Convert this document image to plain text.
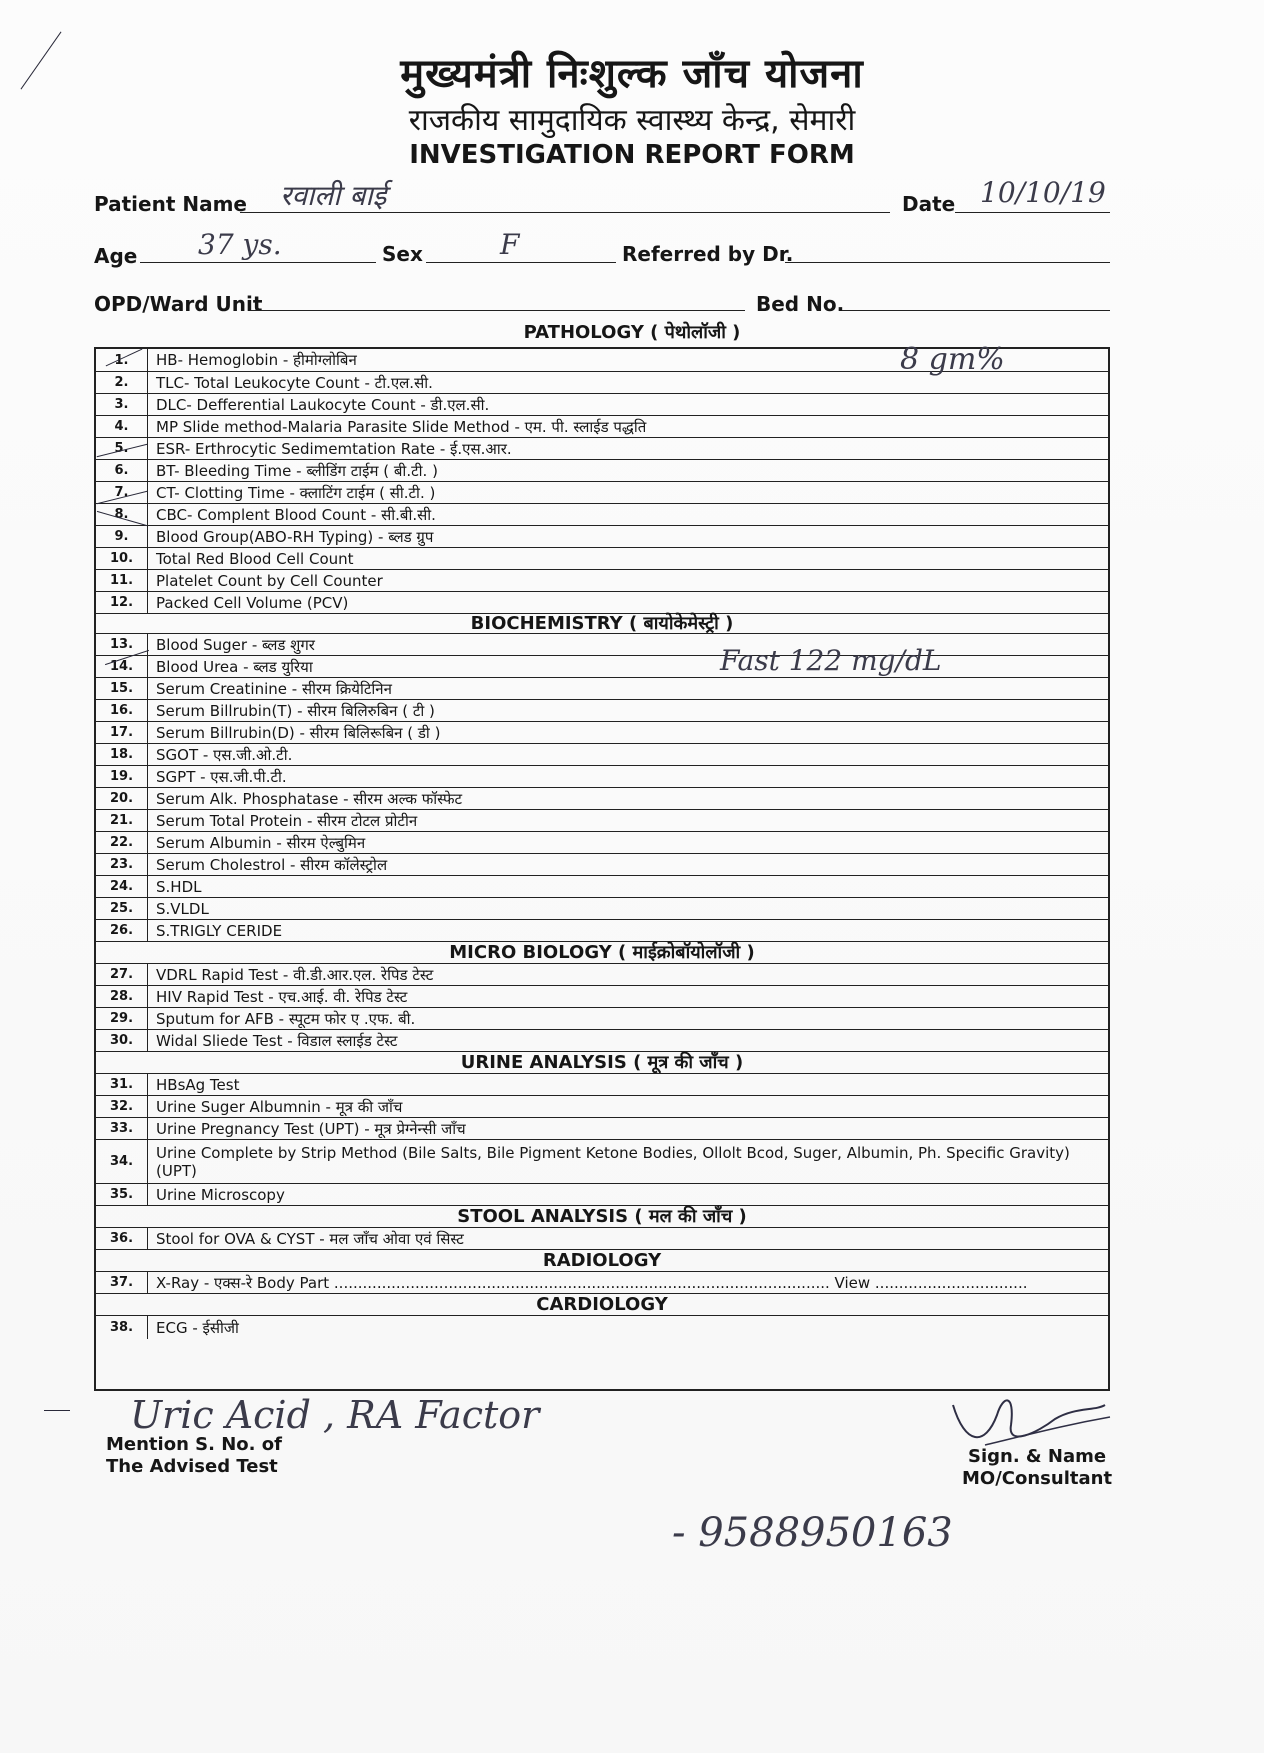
मुख्यमंत्री निःशुल्क जाँच योजना
राजकीय सामुदायिक स्वास्थ्य केन्द्र, सेमारी
INVESTIGATION REPORT FORM
Patient Name रवाली बाई	Date 10/10/19
Age 37 ys.	Sex	F	Referred by Dr.
OPD/Ward Unit	Bed No.
PATHOLOGY ( पेथोलॉजी )
1.	HB- Hemoglobin - हीमोग्लोबिन
2.	TLC- Total Leukocyte Count - टी.एल.सी.
3.	DLC- Defferential Laukocyte Count - डी.एल.सी.
4.	MP Slide method-Malaria Parasite Slide Method - एम. पी. स्लाईड पद्धति
5.	ESR- Erthrocytic Sedimemtation Rate - ई.एस.आर.
6.	BT- Bleeding Time - ब्लीडिंग टाईम ( बी.टी. )
7.	CT- Clotting Time - क्लाटिंग टाईम ( सी.टी. )
8.	CBC- Complent Blood Count - सी.बी.सी.
9.	Blood Group(ABO-RH Typing) - ब्लड ग्रुप
10.	Total Red Blood Cell Count
11.	Platelet Count by Cell Counter
12.	Packed Cell Volume (PCV)
BIOCHEMISTRY ( बायोकेमेस्ट्री )
13.	Blood Suger - ब्लड शुगर
14.	Blood Urea - ब्लड युरिया
15.	Serum Creatinine - सीरम क्रियेटिनिन
16.	Serum Billrubin(T) - सीरम बिलिरुबिन ( टी )
17.	Serum Billrubin(D) - सीरम बिलिरूबिन ( डी )
18.	SGOT - एस.जी.ओ.टी.
19.	SGPT - एस.जी.पी.टी.
20.	Serum Alk. Phosphatase - सीरम अल्क फॉस्फेट
21.	Serum Total Protein - सीरम टोटल प्रोटीन
22.	Serum Albumin - सीरम ऐल्बुमिन
23.	Serum Cholestrol - सीरम कॉलेस्ट्रोल
24.	S.HDL
25.	S.VLDL
26.	S.TRIGLY CERIDE
MICRO BIOLOGY ( माईक्रोबॉयोलॉजी )
27.	VDRL Rapid Test - वी.डी.आर.एल. रेपिड टेस्ट
28.	HIV Rapid Test - एच.आई. वी. रेपिड टेस्ट
29.	Sputum for AFB - स्पूटम फोर ए .एफ. बी.
30.	Widal Sliede Test - विडाल स्लाईड टेस्ट
URINE ANALYSIS ( मूत्र की जाँच )
31.	HBsAg Test
32.	Urine Suger Albumnin - मूत्र की जाँच
33.	Urine Pregnancy Test (UPT) - मूत्र प्रेग्नेन्सी जाँच
34.	Urine Complete by Strip Method (Bile Salts, Bile Pigment Ketone Bodies, Ollolt Bcod, Suger, Albumin, Ph. Specific Gravity) (UPT)
35.	Urine Microscopy
STOOL ANALYSIS ( मल की जाँच )
36.	Stool for OVA & CYST - मल जाँच ओवा एवं सिस्ट
RADIOLOGY
37.	X-Ray - एक्स-रे Body Part ........................................................................................................ View ................................
CARDIOLOGY
38.	ECG - ईसीजी
8 gm%
Fast 122 mg/dL
Uric Acid , RA Factor
Mention S. No. of
The Advised Test	Sign. & Name
MO/Consultant
- 9588950163
